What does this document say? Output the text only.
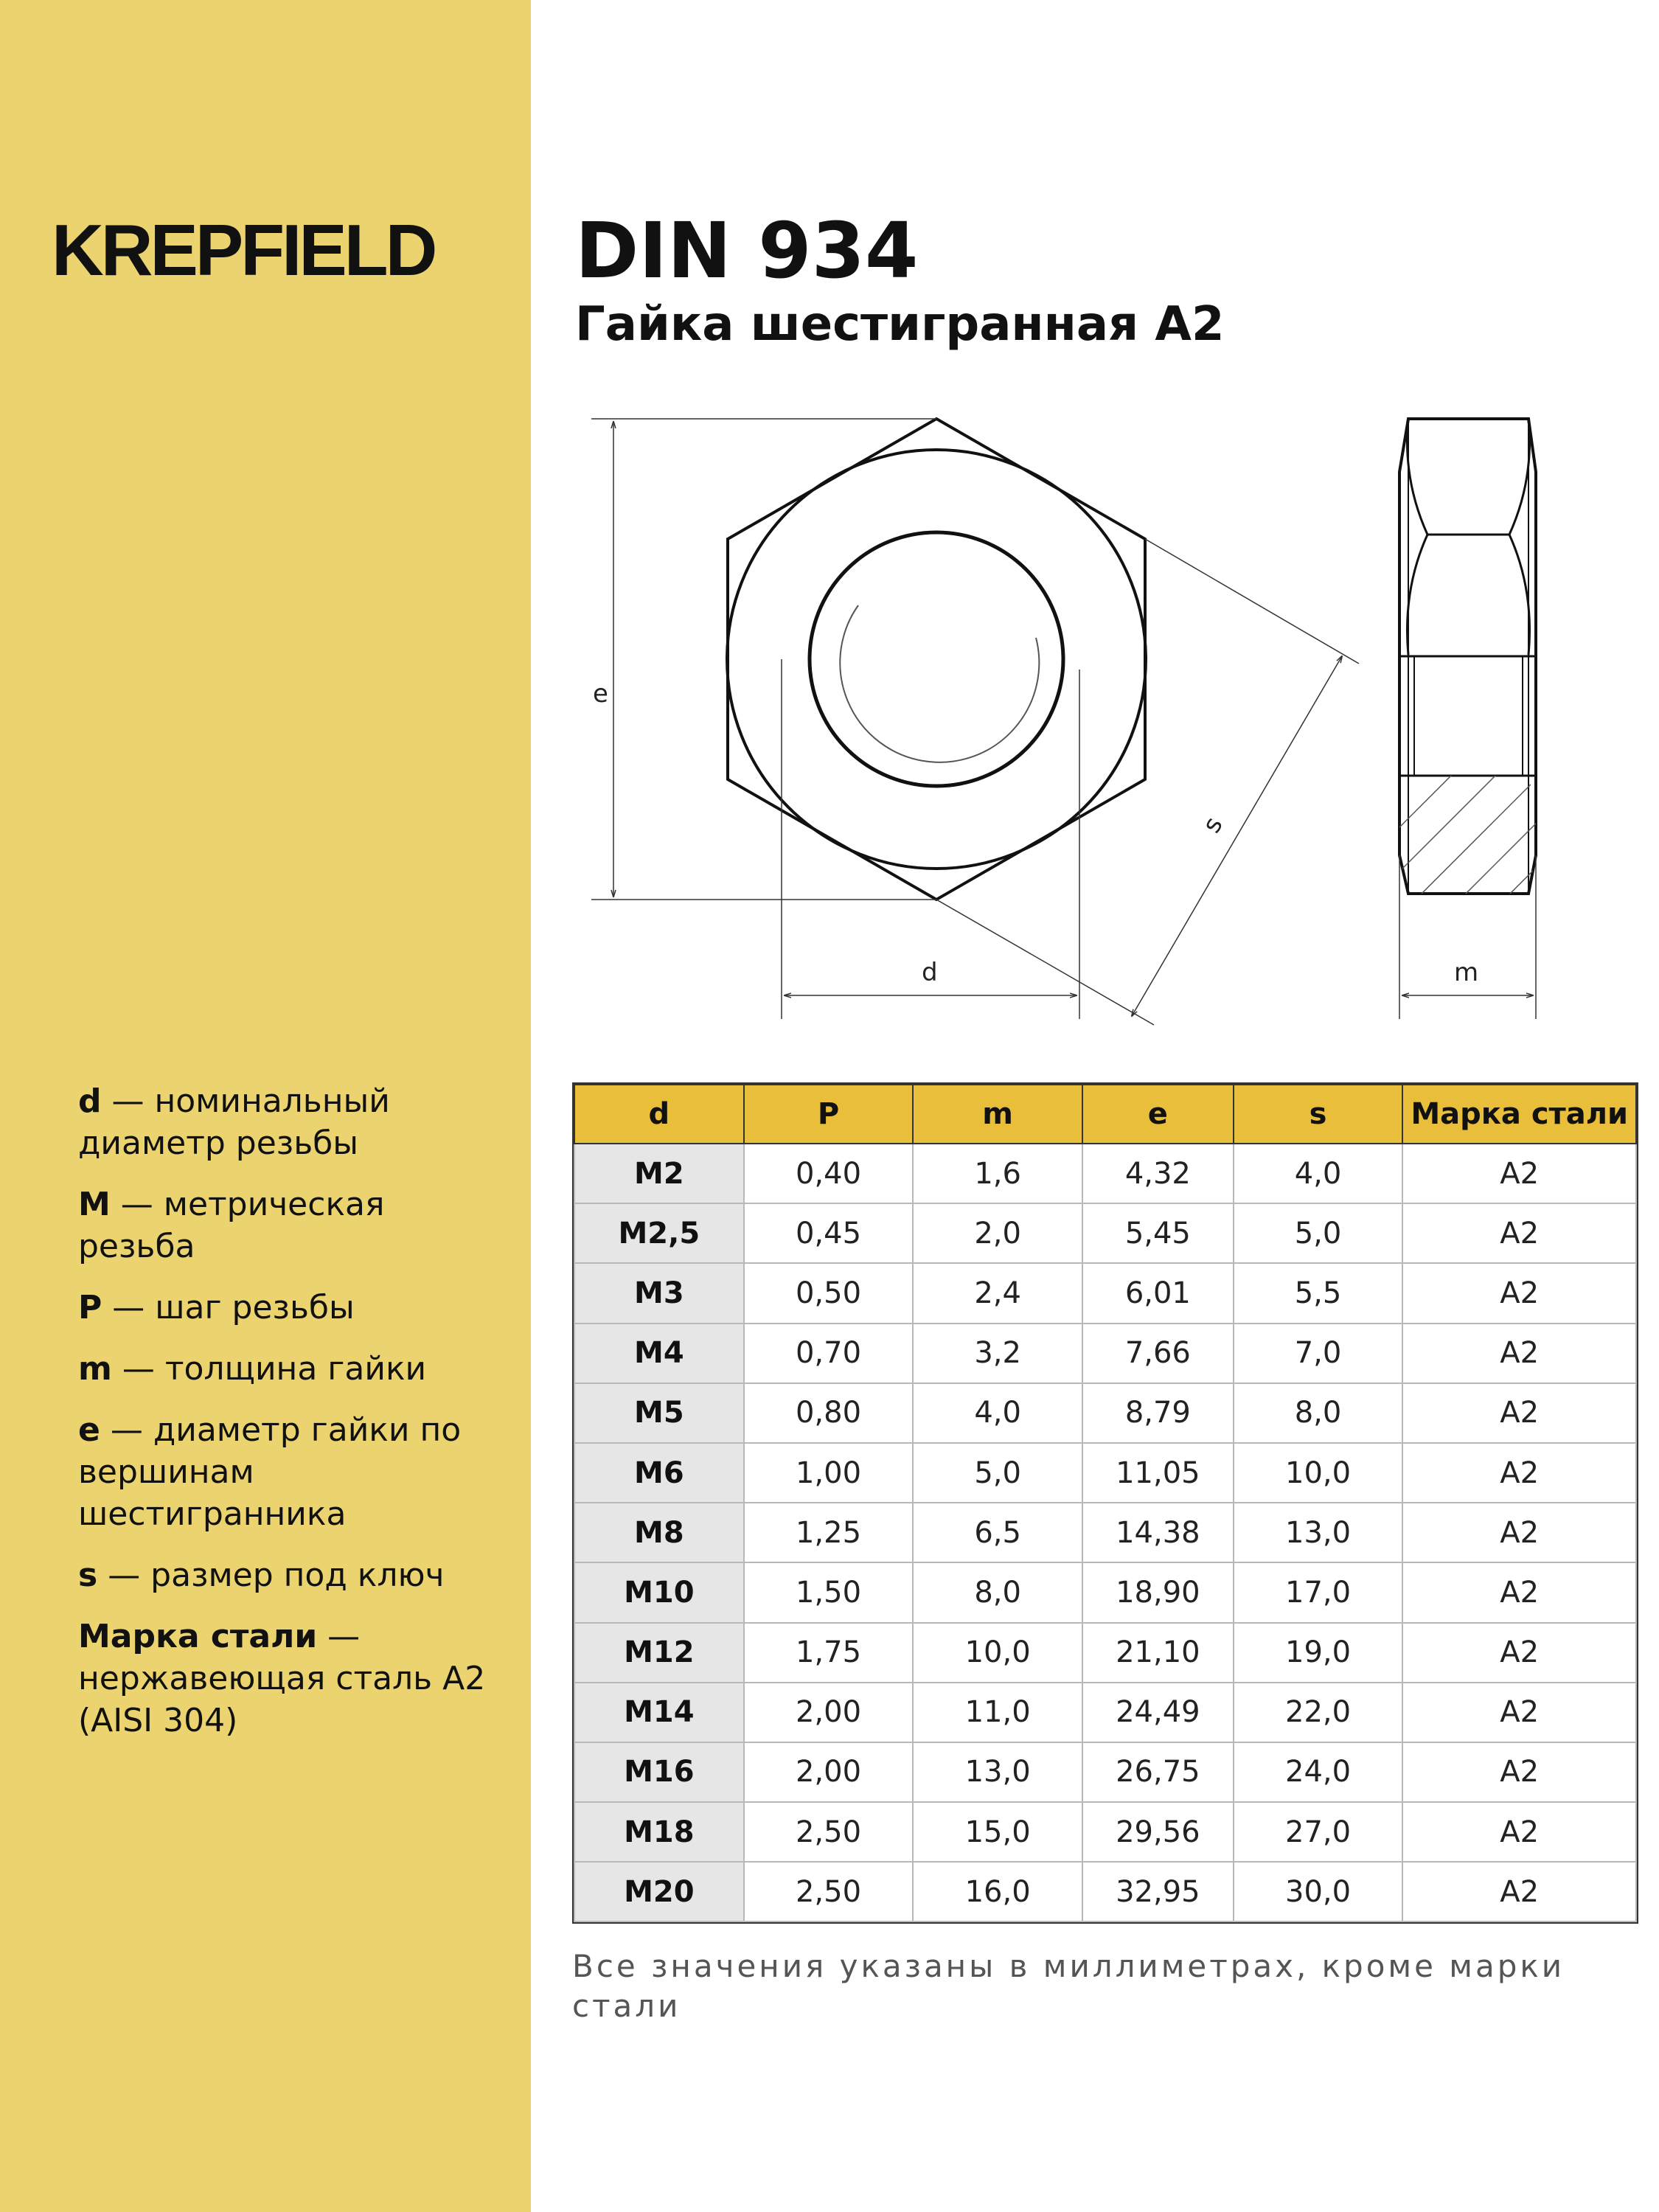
KREPFIELD
d — номинальный диаметр резьбы
M — метрическая резьба
P — шаг резьбы
m — толщина гайки
e — диаметр гайки по вершинам шестигранника
s — размер под ключ
Марка стали — нержавеющая сталь A2 (AISI 304)
DIN 934
Гайка шестигранная А2
e
s
d	m
d	P	m	e	s	Марка стали
M2	0,40	1,6	4,32	4,0	A2
M2,5	0,45	2,0	5,45	5,0	A2
M3	0,50	2,4	6,01	5,5	A2
M4	0,70	3,2	7,66	7,0	A2
M5	0,80	4,0	8,79	8,0	A2
M6	1,00	5,0	11,05	10,0	A2
M8	1,25	6,5	14,38	13,0	A2
M10	1,50	8,0	18,90	17,0	A2
M12	1,75	10,0	21,10	19,0	A2
M14	2,00	11,0	24,49	22,0	A2
M16	2,00	13,0	26,75	24,0	A2
M18	2,50	15,0	29,56	27,0	A2
M20	2,50	16,0	32,95	30,0	A2
Все значения указаны в миллиметрах, кроме марки стали
